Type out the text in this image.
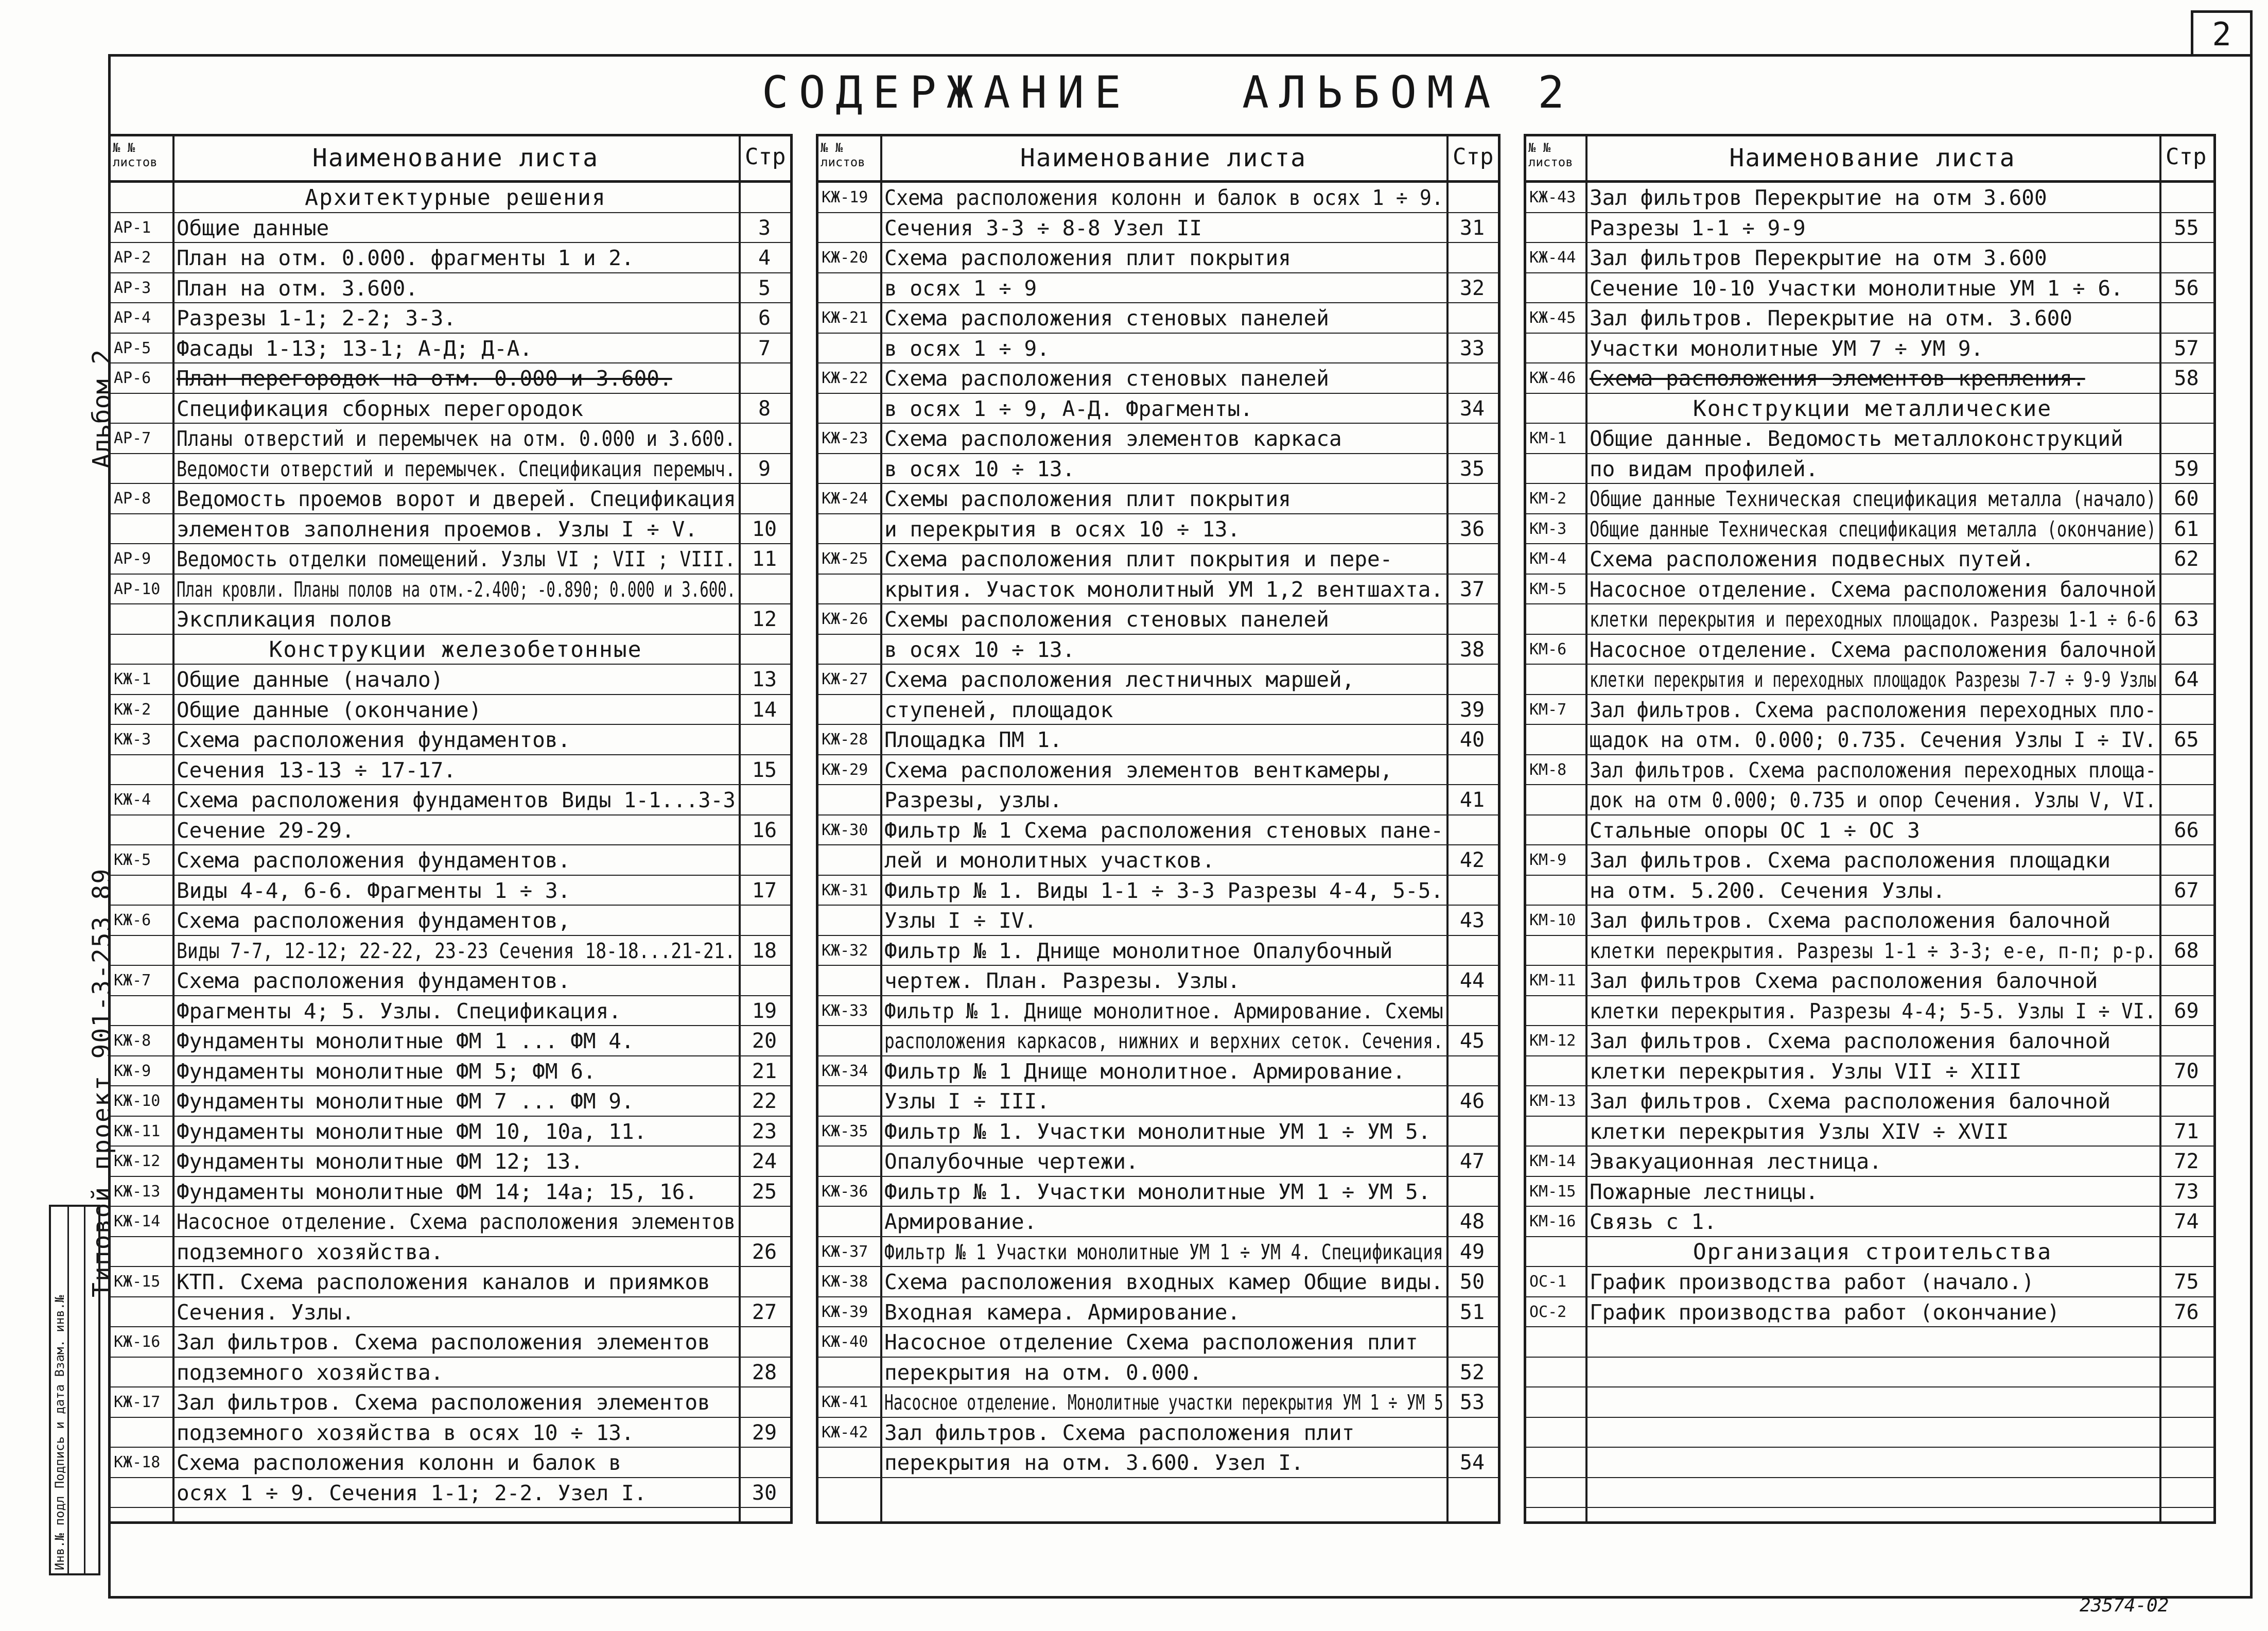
2
СОДЕРЖАНИЕ   АЛЬБОМА 2
Типовой проект 901-3-253 89
Альбом 2
Инв.№ подл Подпись и дата Взам. инв.№
23574-02
№ №
листов	Наименование листа	Стр
Архитектурные решения
АР-1 Общие данные	3
АР-2 План на отм. 0.000. фрагменты 1 и 2.	4
АР-3 План на отм. 3.600.	5
АР-4 Разрезы 1-1; 2-2; 3-3.	6
АР-5 Фасады 1-13; 13-1; А-Д; Д-А.	7
АР-6 План перегородок на отм. 0.000 и 3.600.
Спецификация сборных перегородок	8
АР-7 Планы отверстий и перемычек на отм. 0.000 и 3.600.
Ведомости отверстий и перемычек. Спецификация перемыч.	9
АР-8 Ведомость проемов ворот и дверей. Спецификация
элементов заполнения проемов. Узлы I ÷ V.	10
АР-9 Ведомость отделки помещений. Узлы VI ; VII ; VIII. 11
АР-10 План кровли. Планы полов на отм.-2.400; -0.890; 0.000 и 3.600.
Экспликация полов	12
Конструкции железобетонные
КЖ-1 Общие данные (начало)	13
КЖ-2 Общие данные (окончание)	14
КЖ-3 Схема расположения фундаментов.
Сечения 13-13 ÷ 17-17.	15
КЖ-4 Схема расположения фундаментов Виды 1-1...3-3
Сечение 29-29.	16
КЖ-5 Схема расположения фундаментов.
Виды 4-4, 6-6. Фрагменты 1 ÷ 3.	17
КЖ-6 Схема расположения фундаментов,
Виды 7-7, 12-12; 22-22, 23-23 Сечения 18-18...21-21. 18
КЖ-7 Схема расположения фундаментов.
Фрагменты 4; 5. Узлы. Спецификация.	19
КЖ-8 Фундаменты монолитные ФМ 1 ... ФМ 4.	20
КЖ-9 Фундаменты монолитные ФМ 5; ФМ 6.	21
КЖ-10 Фундаменты монолитные ФМ 7 ... ФМ 9.	22
КЖ-11 Фундаменты монолитные ФМ 10, 10а, 11.	23
КЖ-12 Фундаменты монолитные ФМ 12; 13.	24
КЖ-13 Фундаменты монолитные ФМ 14; 14а; 15, 16.	25
КЖ-14 Насосное отделение. Схема расположения элементов
подземного хозяйства.	26
КЖ-15 КТП. Схема расположения каналов и приямков
Сечения. Узлы.	27
КЖ-16 Зал фильтров. Схема расположения элементов
подземного хозяйства.	28
КЖ-17 Зал фильтров. Схема расположения элементов
подземного хозяйства в осях 10 ÷ 13.	29
КЖ-18 Схема расположения колонн и балок в
осях 1 ÷ 9. Сечения 1-1; 2-2. Узел I.	30
№ №
листов	Наименование листа	Стр
КЖ-19 Схема расположения колонн и балок в осях 1 ÷ 9.
Сечения 3-3 ÷ 8-8 Узел II	31
КЖ-20 Схема расположения плит покрытия
в осях 1 ÷ 9	32
КЖ-21 Схема расположения стеновых панелей
в осях 1 ÷ 9.	33
КЖ-22 Схема расположения стеновых панелей
в осях 1 ÷ 9, А-Д. Фрагменты.	34
КЖ-23 Схема расположения элементов каркаса
в осях 10 ÷ 13.	35
КЖ-24 Схемы расположения плит покрытия
и перекрытия в осях 10 ÷ 13.	36
КЖ-25 Схема расположения плит покрытия и пере-
крытия. Участок монолитный УМ 1,2 вентшахта. 37
КЖ-26 Схемы расположения стеновых панелей
в осях 10 ÷ 13.	38
КЖ-27 Схема расположения лестничных маршей,
ступеней, площадок	39
КЖ-28 Площадка ПМ 1.	40
КЖ-29 Схема расположения элементов венткамеры,
Разрезы, узлы.	41
КЖ-30 Фильтр № 1 Схема расположения стеновых пане-
лей и монолитных участков.	42
КЖ-31 Фильтр № 1. Виды 1-1 ÷ 3-3 Разрезы 4-4, 5-5.
Узлы I ÷ IV.	43
КЖ-32 Фильтр № 1. Днище монолитное Опалубочный
чертеж. План. Разрезы. Узлы.	44
КЖ-33 Фильтр № 1. Днище монолитное. Армирование. Схемы
расположения каркасов, нижних и верхних сеток. Сечения. 45
КЖ-34 Фильтр № 1 Днище монолитное. Армирование.
Узлы I ÷ III.	46
КЖ-35 Фильтр № 1. Участки монолитные УМ 1 ÷ УМ 5.
Опалубочные чертежи.	47
КЖ-36 Фильтр № 1. Участки монолитные УМ 1 ÷ УМ 5.
Армирование.	48
КЖ-37 Фильтр № 1 Участки монолитные УМ 1 ÷ УМ 4. Спецификация 49
КЖ-38 Схема расположения входных камер Общие виды. 50
КЖ-39 Входная камера. Армирование.	51
КЖ-40 Насосное отделение Схема расположения плит
перекрытия на отм. 0.000.	52
КЖ-41 Насосное отделение. Монолитные участки перекрытия УМ 1 ÷ УМ 5 53
КЖ-42 Зал фильтров. Схема расположения плит
перекрытия на отм. 3.600. Узел I.	54
№ №
листов	Наименование листа	Стр
КЖ-43 Зал фильтров Перекрытие на отм 3.600
Разрезы 1-1 ÷ 9-9	55
КЖ-44 Зал фильтров Перекрытие на отм 3.600
Сечение 10-10 Участки монолитные УМ 1 ÷ 6.	56
КЖ-45 Зал фильтров. Перекрытие на отм. 3.600
Участки монолитные УМ 7 ÷ УМ 9.	57
КЖ-46 Схема расположения элементов крепления.	58
Конструкции металлические
КМ-1 Общие данные. Ведомость металлоконструкций
по видам профилей.	59
КМ-2 Общие данные Техническая спецификация металла (начало) 60
КМ-3 Общие данные Техническая спецификация металла (окончание) 61
КМ-4 Схема расположения подвесных путей.	62
КМ-5 Насосное отделение. Схема расположения балочной
клетки перекрытия и переходных площадок. Разрезы 1-1 ÷ 6-6 63
КМ-6 Насосное отделение. Схема расположения балочной
клетки перекрытия и переходных площадок Разрезы 7-7 ÷ 9-9 Узлы 64
КМ-7 Зал фильтров. Схема расположения переходных пло-
щадок на отм. 0.000; 0.735. Сечения Узлы I ÷ IV. 65
КМ-8 Зал фильтров. Схема расположения переходных площа-
док на отм 0.000; 0.735 и опор Сечения. Узлы V, VI.
Стальные опоры ОС 1 ÷ ОС 3	66
КМ-9 Зал фильтров. Схема расположения площадки
на отм. 5.200. Сечения Узлы.	67
КМ-10 Зал фильтров. Схема расположения балочной
клетки перекрытия. Разрезы 1-1 ÷ 3-3; е-е, п-п; р-р. 68
КМ-11 Зал фильтров Схема расположения балочной
клетки перекрытия. Разрезы 4-4; 5-5. Узлы I ÷ VI. 69
КМ-12 Зал фильтров. Схема расположения балочной
клетки перекрытия. Узлы VII ÷ XIII	70
КМ-13 Зал фильтров. Схема расположения балочной
клетки перекрытия Узлы XIV ÷ XVII	71
КМ-14 Эвакуационная лестница.	72
КМ-15 Пожарные лестницы.	73
КМ-16 Связь с 1.	74
Организация строительства
ОС-1 График производства работ (начало.)	75
ОС-2 График производства работ (окончание)	76
